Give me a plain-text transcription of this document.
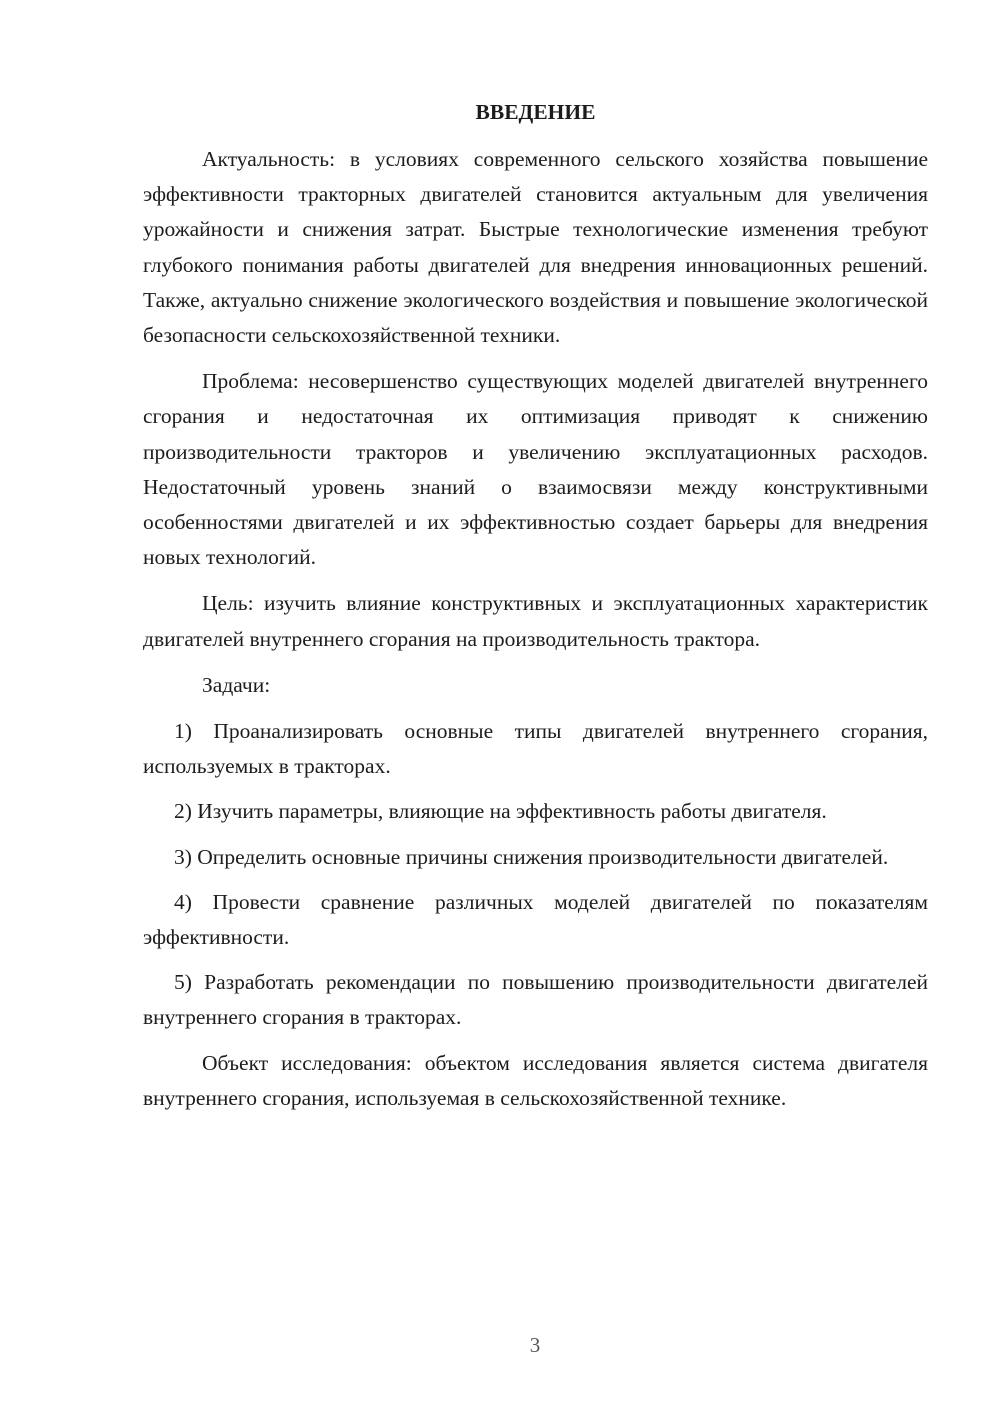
ВВЕДЕНИЕ

Актуальность: в условиях современного сельского хозяйства повышение эффективности тракторных двигателей становится актуальным для увеличения урожайности и снижения затрат. Быстрые технологические изменения требуют глубокого понимания работы двигателей для внедрения инновационных решений. Также, актуально снижение экологического воздействия и повышение экологической безопасности сельскохозяйственной техники.

Проблема: несовершенство существующих моделей двигателей внутреннего сгорания и недостаточная их оптимизация приводят к снижению производительности тракторов и увеличению эксплуатационных расходов. Недостаточный уровень знаний о взаимосвязи между конструктивными особенностями двигателей и их эффективностью создает барьеры для внедрения новых технологий.

Цель: изучить влияние конструктивных и эксплуатационных характеристик двигателей внутреннего сгорания на производительность трактора.

Задачи:

1) Проанализировать основные типы двигателей внутреннего сгорания, используемых в тракторах.

2) Изучить параметры, влияющие на эффективность работы двигателя.

3) Определить основные причины снижения производительности двигателей.

4) Провести сравнение различных моделей двигателей по показателям эффективности.

5) Разработать рекомендации по повышению производительности двигателей внутреннего сгорания в тракторах.

Объект исследования: объектом исследования является система двигателя внутреннего сгорания, используемая в сельскохозяйственной технике.

3
